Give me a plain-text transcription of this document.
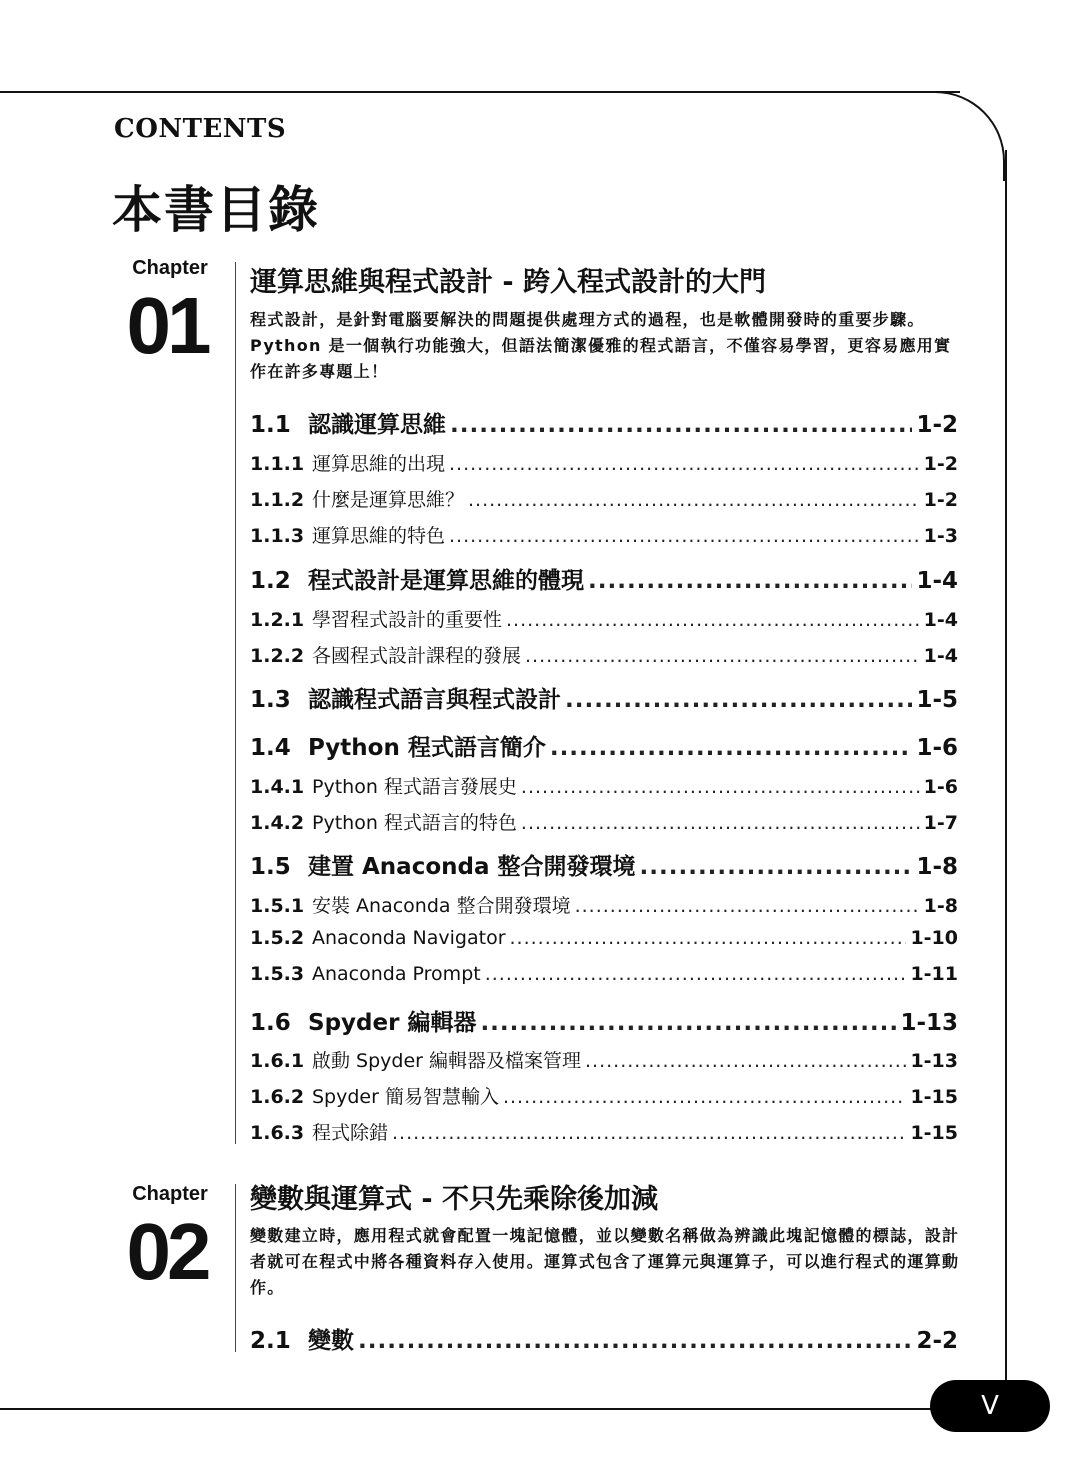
V
CONTENTS
本書目錄
Chapter
01	運算思維與程式設計 - 跨入程式設計的大門
程式設計，是針對電腦要解決的問題提供處理方式的過程，也是軟體開發時的重要步驟。Python 是一個執行功能強大，但語法簡潔優雅的程式語言，不僅容易學習，更容易應用實作在許多專題上！
1.1 認識運算思維 .....	1-2
1.1.1 運算思維的出現 .....	1-2
1.1.2 什麼是運算思維？ .....	1-2
1.1.3 運算思維的特色 .....	1-3
1.2 程式設計是運算思維的體現 .....	1-4
1.2.1 學習程式設計的重要性 .....	1-4
1.2.2 各國程式設計課程的發展 .....	1-4
1.3 認識程式語言與程式設計 .....	1-5
1.4 Python 程式語言簡介 .....	1-6
1.4.1 Python 程式語言發展史 .....	1-6
1.4.2 Python 程式語言的特色 .....	1-7
1.5 建置 Anaconda 整合開發環境 .....	1-8
1.5.1 安裝 Anaconda 整合開發環境 .....	1-8
1.5.2 Anaconda Navigator .....	1-10
1.5.3 Anaconda Prompt .....	1-11
1.6 Spyder 編輯器 .....	1-13
1.6.1 啟動 Spyder 編輯器及檔案管理 .....	1-13
1.6.2 Spyder 簡易智慧輸入 .....	1-15
1.6.3 程式除錯 .....	1-15
Chapter
02
變數與運算式 - 不只先乘除後加減
變數建立時，應用程式就會配置一塊記憶體，並以變數名稱做為辨識此塊記憶體的標誌，設計者就可在程式中將各種資料存入使用。運算式包含了運算元與運算子，可以進行程式的運算動作。
2.1 變數 .....	2-2
